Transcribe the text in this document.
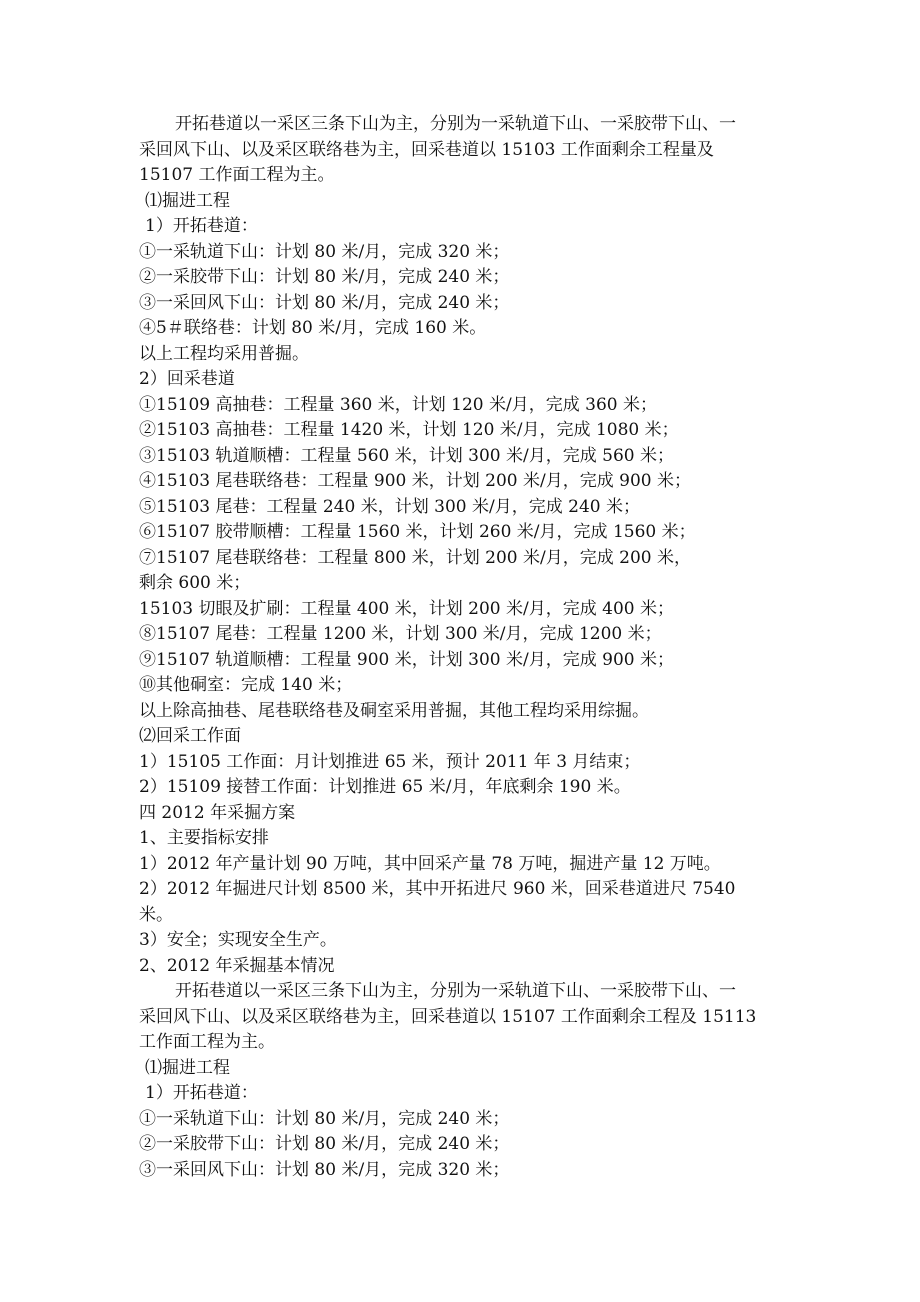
开拓巷道以一采区三条下山为主，分别为一采轨道下山、一采胶带下山、一
采回风下山、以及采区联络巷为主，回采巷道以 15103 工作面剩余工程量及
15107 工作面工程为主。
⑴掘进工程
1）开拓巷道：
①一采轨道下山：计划 80 米/月，完成 320 米；
②一采胶带下山：计划 80 米/月，完成 240 米；
③一采回风下山：计划 80 米/月，完成 240 米；
④5＃联络巷：计划 80 米/月，完成 160 米。
以上工程均采用普掘。
2）回采巷道
①15109 高抽巷：工程量 360 米，计划 120 米/月，完成 360 米；
②15103 高抽巷：工程量 1420 米，计划 120 米/月，完成 1080 米；
③15103 轨道顺槽：工程量 560 米，计划 300 米/月，完成 560 米；
④15103 尾巷联络巷：工程量 900 米，计划 200 米/月，完成 900 米；
⑤15103 尾巷：工程量 240 米，计划 300 米/月，完成 240 米；
⑥15107 胶带顺槽：工程量 1560 米，计划 260 米/月，完成 1560 米；
⑦15107 尾巷联络巷：工程量 800 米，计划 200 米/月，完成 200 米，
剩余 600 米；
15103 切眼及扩刷：工程量 400 米，计划 200 米/月，完成 400 米；
⑧15107 尾巷：工程量 1200 米，计划 300 米/月，完成 1200 米；
⑨15107 轨道顺槽：工程量 900 米，计划 300 米/月，完成 900 米；
⑩其他硐室：完成 140 米；
以上除高抽巷、尾巷联络巷及硐室采用普掘，其他工程均采用综掘。
⑵回采工作面
1）15105 工作面：月计划推进 65 米，预计 2011 年 3 月结束；
2）15109 接替工作面：计划推进 65 米/月，年底剩余 190 米。
四 2012 年采掘方案
1、主要指标安排
1）2012 年产量计划 90 万吨，其中回采产量 78 万吨，掘进产量 12 万吨。
2）2012 年掘进尺计划 8500 米，其中开拓进尺 960 米，回采巷道进尺 7540
米。
3）安全；实现安全生产。
2、2012 年采掘基本情况
开拓巷道以一采区三条下山为主，分别为一采轨道下山、一采胶带下山、一
采回风下山、以及采区联络巷为主，回采巷道以 15107 工作面剩余工程及 15113
工作面工程为主。
⑴掘进工程
1）开拓巷道：
①一采轨道下山：计划 80 米/月，完成 240 米；
②一采胶带下山：计划 80 米/月，完成 240 米；
③一采回风下山：计划 80 米/月，完成 320 米；
